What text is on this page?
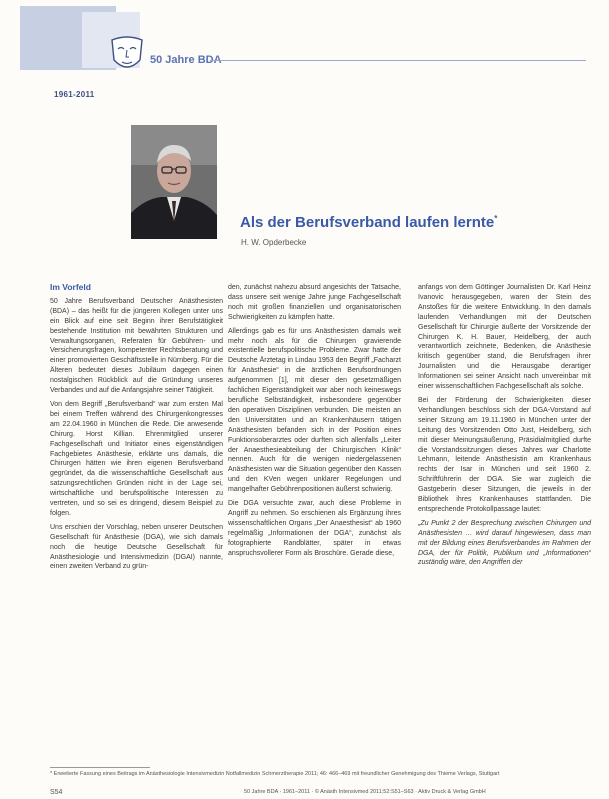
1961-2011
50 Jahre BDA
Als der Berufsverband laufen lernte*
H. W. Opderbecke
Im Vorfeld

50 Jahre Berufsverband Deutscher Anästhesisten (BDA) – das heißt für die jüngeren Kollegen unter uns ein Blick auf eine seit Beginn ihrer Berufstätigkeit bestehende Institution mit bewährten Strukturen und Verwaltungsorganen, Referaten für Gebühren- und Versicherungsfragen, kompetenter Rechtsberatung und einer promovierten Geschäftsstelle in Nürnberg. Für die Älteren bedeutet dieses Jubiläum dagegen einen nostalgischen Rückblick auf die Gründung unseres Verbandes und auf die Anfangsjahre seiner Tätigkeit.

Von dem Begriff „Berufsverband“ war zum ersten Mal bei einem Treffen während des Chirurgenkongresses am 22.04.1960 in München die Rede. Die anwesende Chirurg. Horst Killian. Ehrenmitglied unserer Fachgesellschaft und Initiator eines eigenständigen Fachgebietes Anästhesie, erklärte uns damals, die Chirurgen hätten wie ihren eigenen Berufsverband gegründet, da die wissenschaftliche Gesellschaft aus satzungsrechtlichen Gründen nicht in der Lage sei, wirtschaftliche und berufspolitische Interessen zu vertreten, und so sei es dringend, diesem Beispiel zu folgen.

Uns erschien der Vorschlag, neben unserer Deutschen Gesellschaft für Anästhesie (DGA), wie sich damals noch die heutige Deutsche Gesellschaft für Anästhesiologie und Intensivmedizin (DGAI) nannte, einen zweiten Verband zu grün-

den, zunächst nahezu absurd angesichts der Tatsache, dass unsere seit wenige Jahre junge Fachgesellschaft noch mit großen finanziellen und organisatorischen Schwierigkeiten zu kämpfen hatte.

Allerdings gab es für uns Anästhesisten damals weit mehr noch als für die Chirurgen gravierende existentielle berufspolitische Probleme. Zwar hatte der Deutsche Ärztetag in Lindau 1953 den Begriff „Facharzt für Anästhesie“ in die ärztlichen Berufsordnungen aufgenommen [1], mit dieser den gesetzmäßigen fachlichen Eigenständigkeit war aber noch keineswegs berufliche Selbständigkeit, insbesondere gegenüber den operativen Disziplinen verbunden. Die meisten an den Universitäten und an Krankenhäusern tätigen Anästhesisten befanden sich in der Position eines Funktionsoberarztes oder durften sich allenfalls „Leiter der Anaesthesieabteilung der Chirurgischen Klinik“ nennen. Auch für die wenigen niedergelassenen Anästhesisten war die Situation gegenüber den Kassen und den KVen wegen unklarer Regelungen und mangelhafter Gebührenpositionen äußerst schwierig.

Die DGA versuchte zwar, auch diese Probleme in Angriff zu nehmen. So erschienen als Ergänzung ihres wissenschaftlichen Organs „Der Anaesthesist“ ab 1960 regelmäßig „Informationen der DGA“, zunächst als fotographierte Randblätter, später in etwas anspruchsvollerer Form als Broschüre. Gerade diese,

anfangs von dem Göttinger Journalisten Dr. Karl Heinz Ivanovic herausgegeben, waren der Stein des Anstoßes für die weitere Entwicklung. In den damals laufenden Verhandlungen mit der Deutschen Gesellschaft für Chirurgie äußerte der Vorsitzende der Chirurgen K. H. Bauer, Heidelberg, der auch verantwortlich zeichnete, Bedenken, die Anästhesie kritisch gegenüber stand, die Berufsfragen ihrer Journalisten und die Herausgabe derartiger Informationen sei seiner Ansicht nach unvereinbar mit einer wissenschaftlichen Fachgesellschaft als solche.

Bei der Förderung der Schwierigkeiten dieser Verhandlungen beschloss sich der DGA-Vorstand auf seiner Sitzung am 19.11.1960 in München unter der Leitung des Vorsitzenden Otto Just, Heidelberg, sich mit dieser Meinungsäußerung, Präsidialmitglied durfte die Vorstandssitzungen dieses Jahres war Charlotte Lehmann, leitende Anästhesistin am Krankenhaus rechts der Isar in München und seit 1960 2. Schriftführerin der DGA. Sie war zugleich die Gastgeberin dieser Sitzungen, die jeweils in der Bibliothek ihres Krankenhauses stattfanden. Die entsprechende Protokollpassage lautet:

„Zu Punkt 2 der Besprechung zwischen Chirurgen und Anästhesisten … wird darauf hingewiesen, dass man mit der Bildung eines Berufsverbandes im Rahmen der DGA, der für Politik, Publikum und „Informationen“ zuständig wäre, den Angriffen der

* Erweiterte Fassung eines Beitrags im Anästhesiologie Intensivmedizin Notfallmedizin Schmerztherapie 2011; 46: 466–469 mit freundlicher Genehmigung des Thieme Verlags, Stuttgart
S54	50 Jahre BDA · 1961–2011 · © Anästh Intensivmed 2011;52:S51–S63 · Aktiv Druck & Verlag GmbH
